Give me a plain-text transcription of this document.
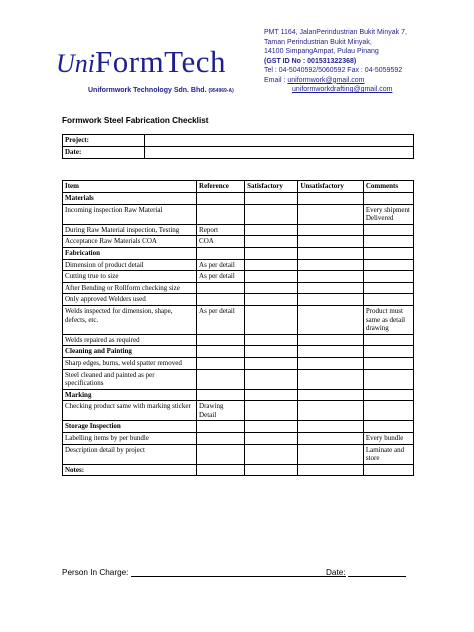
UniFormTech
Uniformwork Technology Sdn. Bhd. (954969-A)
PMT 1164, JalanPerindustrian Bukit Minyak 7,
Taman Perindustrian Bukit Minyak,
14100 SimpangAmpat, Pulau Pinang
(GST ID No : 001531322368)
Tel : 04-5040592/5060592 Fax : 04-5059592
Email : uniformwork@gmail.com
uniformworkdrafting@gmail.com
Formwork Steel Fabrication Checklist
Project:	
Date:	
Item	Reference	Satisfactory	Unsatisfactory	Comments
Materials				
Incoming inspection Raw Material				Every shipment Delivered
During Raw Material inspection, Testing	Report			
Acceptance Raw Materials COA	COA			
Fabrication				
Dimension of product detail	As per detail			
Cutting true to size	As per detail			
After Bending or Rollform checking size				
Only approved Welders used				
Welds inspected for dimension, shape, defects, etc.	As per detail			Product must same as detail drawing
Welds repaired as required				
Cleaning and Painting				
Sharp edges, burns, weld spatter removed				
Steel cleaned and painted as per specifications				
Marking				
Checking product same with marking sticker	Drawing Detail			
Storage Inspection				
Labelling items by per bundle				Every bundle
Description detail by project				Laminate and store
Notes:				
Person In Charge:	Date:
